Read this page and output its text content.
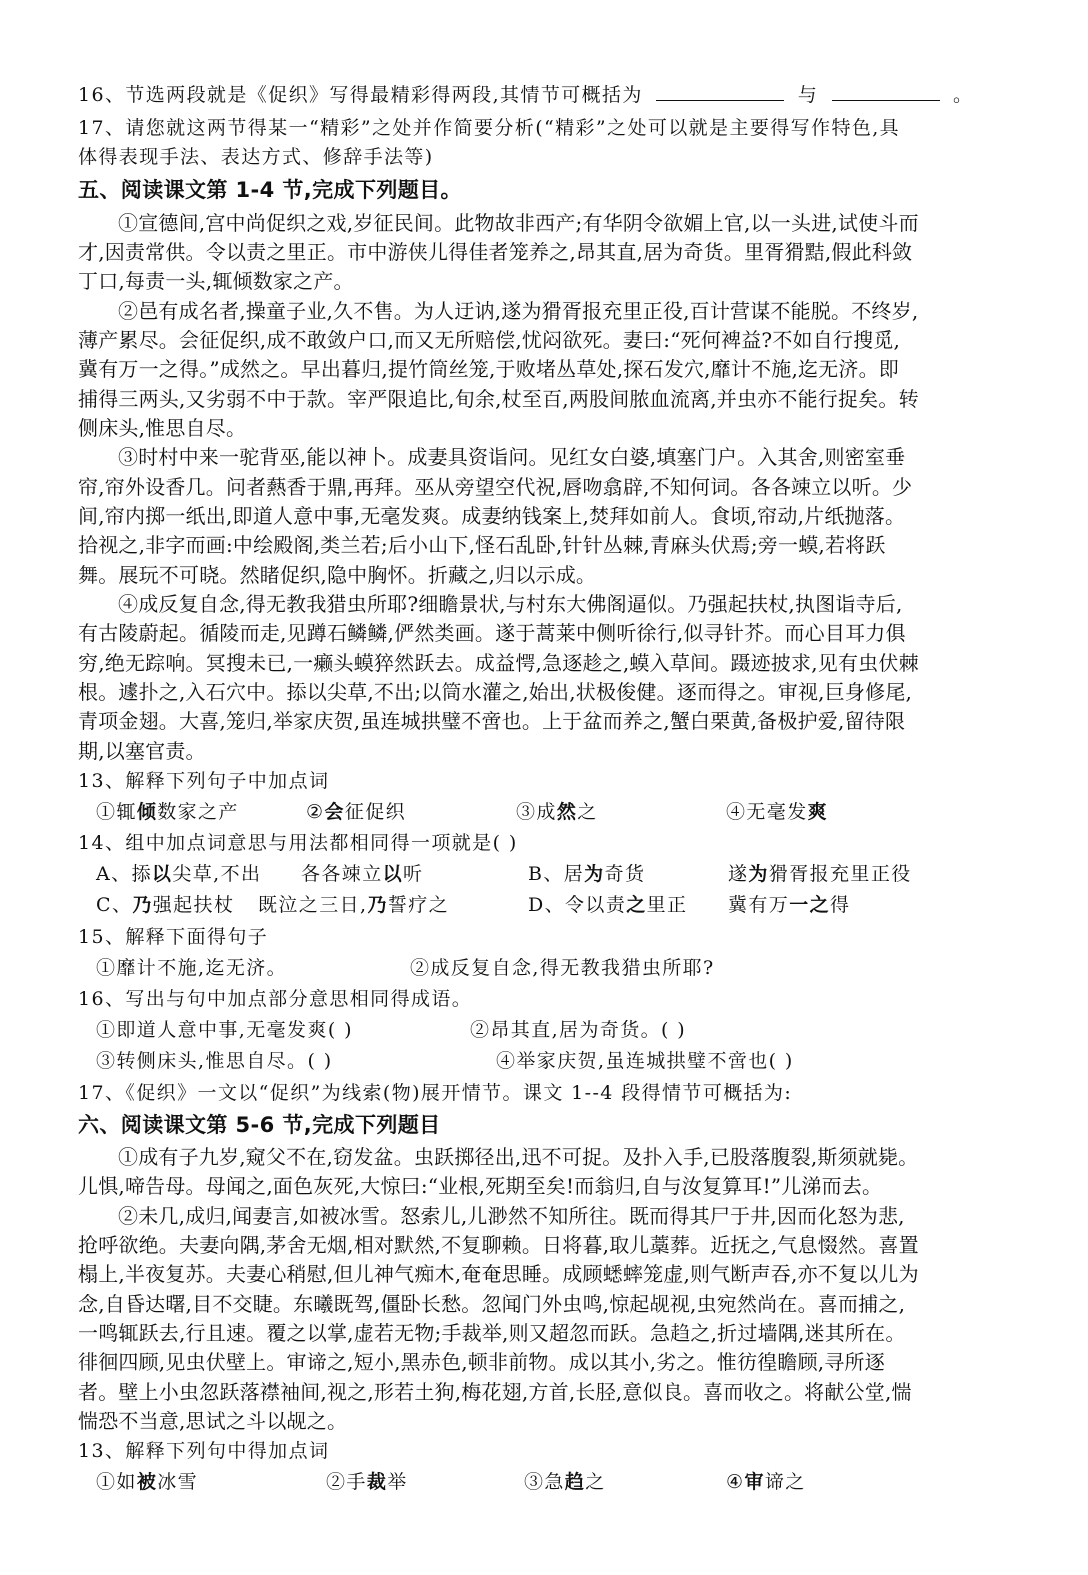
16、节选两段就是《促织》写得最精彩得两段,其情节可概括为	与	。
17、请您就这两节得某一“精彩”之处并作简要分析(“精彩”之处可以就是主要得写作特色,具
体得表现手法、表达方式、修辞手法等)
五、阅读课文第 1-4 节,完成下列题目。
①宣德间,宫中尚促织之戏,岁征民间。此物故非西产;有华阴令欲媚上官,以一头进,试使斗而
才,因责常供。令以责之里正。市中游侠儿得佳者笼养之,昂其直,居为奇货。里胥猾黠,假此科敛
丁口,每责一头,辄倾数家之产。
②邑有成名者,操童子业,久不售。为人迂讷,遂为猾胥报充里正役,百计营谋不能脱。不终岁,
薄产累尽。会征促织,成不敢敛户口,而又无所赔偿,忧闷欲死。妻曰:“死何裨益?不如自行搜觅,
冀有万一之得。”成然之。早出暮归,提竹筒丝笼,于败堵丛草处,探石发穴,靡计不施,迄无济。即
捕得三两头,又劣弱不中于款。宰严限追比,旬余,杖至百,两股间脓血流离,并虫亦不能行捉矣。转
侧床头,惟思自尽。
③时村中来一驼背巫,能以神卜。成妻具资诣问。见红女白婆,填塞门户。入其舍,则密室垂
帘,帘外设香几。问者爇香于鼎,再拜。巫从旁望空代祝,唇吻翕辟,不知何词。各各竦立以听。少
间,帘内掷一纸出,即道人意中事,无毫发爽。成妻纳钱案上,焚拜如前人。食顷,帘动,片纸抛落。
拾视之,非字而画:中绘殿阁,类兰若;后小山下,怪石乱卧,针针丛棘,青麻头伏焉;旁一蟆,若将跃
舞。展玩不可晓。然睹促织,隐中胸怀。折藏之,归以示成。
④成反复自念,得无教我猎虫所耶?细瞻景状,与村东大佛阁逼似。乃强起扶杖,执图诣寺后,
有古陵蔚起。循陵而走,见蹲石鳞鳞,俨然类画。遂于蒿莱中侧听徐行,似寻针芥。而心目耳力俱
穷,绝无踪响。冥搜未已,一癞头蟆猝然跃去。成益愕,急逐趁之,蟆入草间。蹑迹披求,见有虫伏棘
根。遽扑之,入石穴中。掭以尖草,不出;以筒水灌之,始出,状极俊健。逐而得之。审视,巨身修尾,
青项金翅。大喜,笼归,举家庆贺,虽连城拱璧不啻也。上于盆而养之,蟹白栗黄,备极护爱,留待限
期,以塞官责。
13、解释下列句子中加点词
①辄倾数家之产	②会征促织	③成然之	④无毫发爽
14、组中加点词意思与用法都相同得一项就是( )
A、掭以尖草,不出 各各竦立以听	B、居为奇货	遂为猾胥报充里正役
C、乃强起扶杖 既泣之三日,乃誓疗之	D、令以责之里正 冀有万一之得
15、解释下面得句子
①靡计不施,迄无济。	②成反复自念,得无教我猎虫所耶?
16、写出与句中加点部分意思相同得成语。
①即道人意中事,无毫发爽( )	②昂其直,居为奇货。( )
③转侧床头,惟思自尽。( )	④举家庆贺,虽连城拱璧不啻也( )
17、《促织》一文以“促织”为线索(物)展开情节。课文 1--4 段得情节可概括为:
六、阅读课文第 5-6 节,完成下列题目
①成有子九岁,窥父不在,窃发盆。虫跃掷径出,迅不可捉。及扑入手,已股落腹裂,斯须就毙。
儿惧,啼告母。母闻之,面色灰死,大惊曰:“业根,死期至矣!而翁归,自与汝复算耳!”儿涕而去。
②未几,成归,闻妻言,如被冰雪。怒索儿,儿渺然不知所往。既而得其尸于井,因而化怒为悲,
抢呼欲绝。夫妻向隅,茅舍无烟,相对默然,不复聊赖。日将暮,取儿藁葬。近抚之,气息惙然。喜置
榻上,半夜复苏。夫妻心稍慰,但儿神气痴木,奄奄思睡。成顾蟋蟀笼虚,则气断声吞,亦不复以儿为
念,自昏达曙,目不交睫。东曦既驾,僵卧长愁。忽闻门外虫鸣,惊起觇视,虫宛然尚在。喜而捕之,
一鸣辄跃去,行且速。覆之以掌,虚若无物;手裁举,则又超忽而跃。急趋之,折过墙隅,迷其所在。
徘徊四顾,见虫伏壁上。审谛之,短小,黑赤色,顿非前物。成以其小,劣之。惟彷徨瞻顾,寻所逐
者。壁上小虫忽跃落襟袖间,视之,形若土狗,梅花翅,方首,长胫,意似良。喜而收之。将献公堂,惴
惴恐不当意,思试之斗以觇之。
13、解释下列句中得加点词
①如被冰雪	②手裁举	③急趋之	④审谛之
